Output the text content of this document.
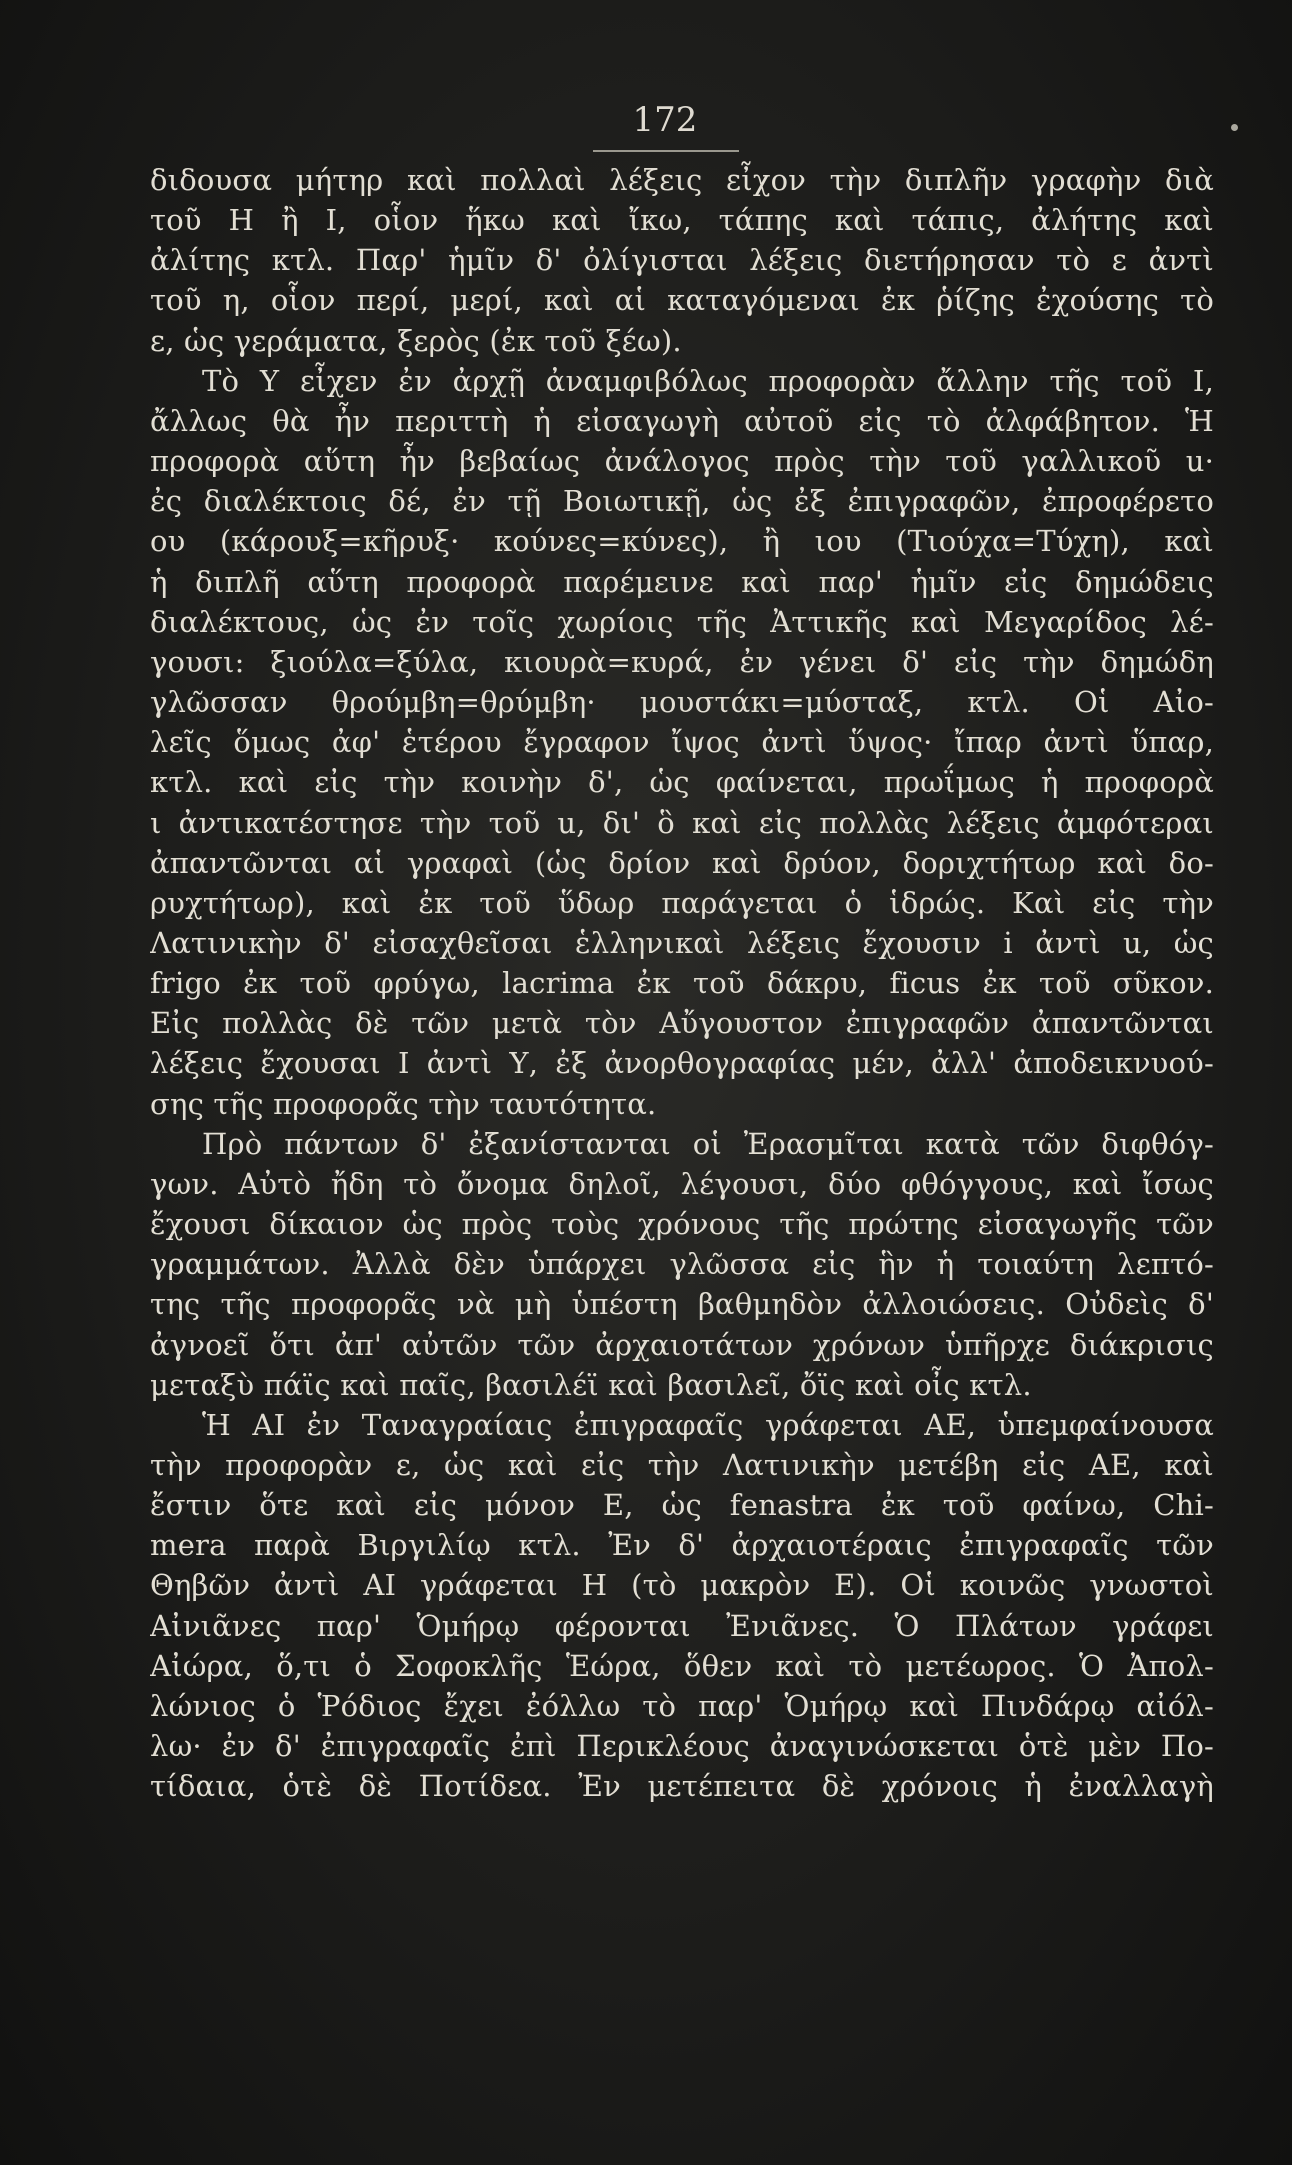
172
διδουσα μήτηρ καὶ πολλαὶ λέξεις εἶχον τὴν διπλῆν γραφὴν διὰ
τοῦ Η ἢ Ι, οἷον ἥκω καὶ ἴκω, τάπης καὶ τάπις, ἀλήτης καὶ
ἀλίτης κτλ. Παρ' ἡμῖν δ' ὀλίγισται λέξεις διετήρησαν τὸ ε ἀντὶ
τοῦ η, οἷον περί, μερί, καὶ αἱ καταγόμεναι ἐκ ῥίζης ἐχούσης τὸ
ε, ὡς γεράματα, ξερὸς (ἐκ τοῦ ξέω).
Τὸ Υ εἶχεν ἐν ἀρχῇ ἀναμφιβόλως προφορὰν ἄλλην τῆς τοῦ Ι,
ἄλλως θὰ ἦν περιττὴ ἡ εἰσαγωγὴ αὐτοῦ εἰς τὸ ἀλφάβητον. Ἡ
προφορὰ αὕτη ἦν βεβαίως ἀνάλογος πρὸς τὴν τοῦ γαλλικοῦ u·
ἐς διαλέκτοις δέ, ἐν τῇ Βοιωτικῇ, ὡς ἐξ ἐπιγραφῶν, ἐπροφέρετο
ου (κάρουξ=κῆρυξ· κούνες=κύνες), ἢ ιου (Τιούχα=Τύχη), καὶ
ἡ διπλῆ αὕτη προφορὰ παρέμεινε καὶ παρ' ἡμῖν εἰς δημώδεις
διαλέκτους, ὡς ἐν τοῖς χωρίοις τῆς Ἀττικῆς καὶ Μεγαρίδος λέ-
γουσι: ξιούλα=ξύλα, κιουρὰ=κυρά, ἐν γένει δ' εἰς τὴν δημώδη
γλῶσσαν θρούμβη=θρύμβη· μουστάκι=μύσταξ, κτλ. Οἱ Αἰο-
λεῖς ὅμως ἀφ' ἑτέρου ἔγραφον ἴψος ἀντὶ ὕψος· ἴπαρ ἀντὶ ὕπαρ,
κτλ. καὶ εἰς τὴν κοινὴν δ', ὡς φαίνεται, πρωΐμως ἡ προφορὰ
ι ἀντικατέστησε τὴν τοῦ u, δι' ὃ καὶ εἰς πολλὰς λέξεις ἀμφότεραι
ἀπαντῶνται αἱ γραφαὶ (ὡς δρίον καὶ δρύον, δοριχτήτωρ καὶ δο-
ρυχτήτωρ), καὶ ἐκ τοῦ ὕδωρ παράγεται ὁ ἱδρώς. Καὶ εἰς τὴν
Λατινικὴν δ' εἰσαχθεῖσαι ἑλληνικαὶ λέξεις ἔχουσιν i ἀντὶ u, ὡς
frigo ἐκ τοῦ φρύγω, lacrima ἐκ τοῦ δάκρυ, ficus ἐκ τοῦ σῦκον.
Εἰς πολλὰς δὲ τῶν μετὰ τὸν Αὔγουστον ἐπιγραφῶν ἀπαντῶνται
λέξεις ἔχουσαι Ι ἀντὶ Υ, ἐξ ἀνορθογραφίας μέν, ἀλλ' ἀποδεικνυού-
σης τῆς προφορᾶς τὴν ταυτότητα.
Πρὸ πάντων δ' ἐξανίστανται οἱ Ἐρασμῖται κατὰ τῶν διφθόγ-
γων. Αὐτὸ ἤδη τὸ ὄνομα δηλοῖ, λέγουσι, δύο φθόγγους, καὶ ἴσως
ἔχουσι δίκαιον ὡς πρὸς τοὺς χρόνους τῆς πρώτης εἰσαγωγῆς τῶν
γραμμάτων. Ἀλλὰ δὲν ὑπάρχει γλῶσσα εἰς ἣν ἡ τοιαύτη λεπτό-
της τῆς προφορᾶς νὰ μὴ ὑπέστη βαθμηδὸν ἀλλοιώσεις. Οὐδεὶς δ'
ἀγνοεῖ ὅτι ἀπ' αὐτῶν τῶν ἀρχαιοτάτων χρόνων ὑπῆρχε διάκρισις
μεταξὺ πάϊς καὶ παῖς, βασιλέϊ καὶ βασιλεῖ, ὄϊς καὶ οἶς κτλ.
Ἡ ΑΙ ἐν Ταναγραίαις ἐπιγραφαῖς γράφεται ΑΕ, ὑπεμφαίνουσα
τὴν προφορὰν ε, ὡς καὶ εἰς τὴν Λατινικὴν μετέβη εἰς ΑΕ, καὶ
ἔστιν ὅτε καὶ εἰς μόνον Ε, ὡς fenastra ἐκ τοῦ φαίνω, Chi-
mera παρὰ Βιργιλίῳ κτλ. Ἐν δ' ἀρχαιοτέραις ἐπιγραφαῖς τῶν
Θηβῶν ἀντὶ ΑΙ γράφεται Η (τὸ μακρὸν Ε). Οἱ κοινῶς γνωστοὶ
Αἰνιᾶνες παρ' Ὁμήρῳ φέρονται Ἐνιᾶνες. Ὁ Πλάτων γράφει
Αἰώρα, ὅ,τι ὁ Σοφοκλῆς Ἑώρα, ὅθεν καὶ τὸ μετέωρος. Ὁ Ἀπολ-
λώνιος ὁ Ῥόδιος ἔχει ἐόλλω τὸ παρ' Ὁμήρῳ καὶ Πινδάρῳ αἰόλ-
λω· ἐν δ' ἐπιγραφαῖς ἐπὶ Περικλέους ἀναγινώσκεται ὁτὲ μὲν Πο-
τίδαια, ὁτὲ δὲ Ποτίδεα. Ἐν μετέπειτα δὲ χρόνοις ἡ ἐναλλαγὴ
